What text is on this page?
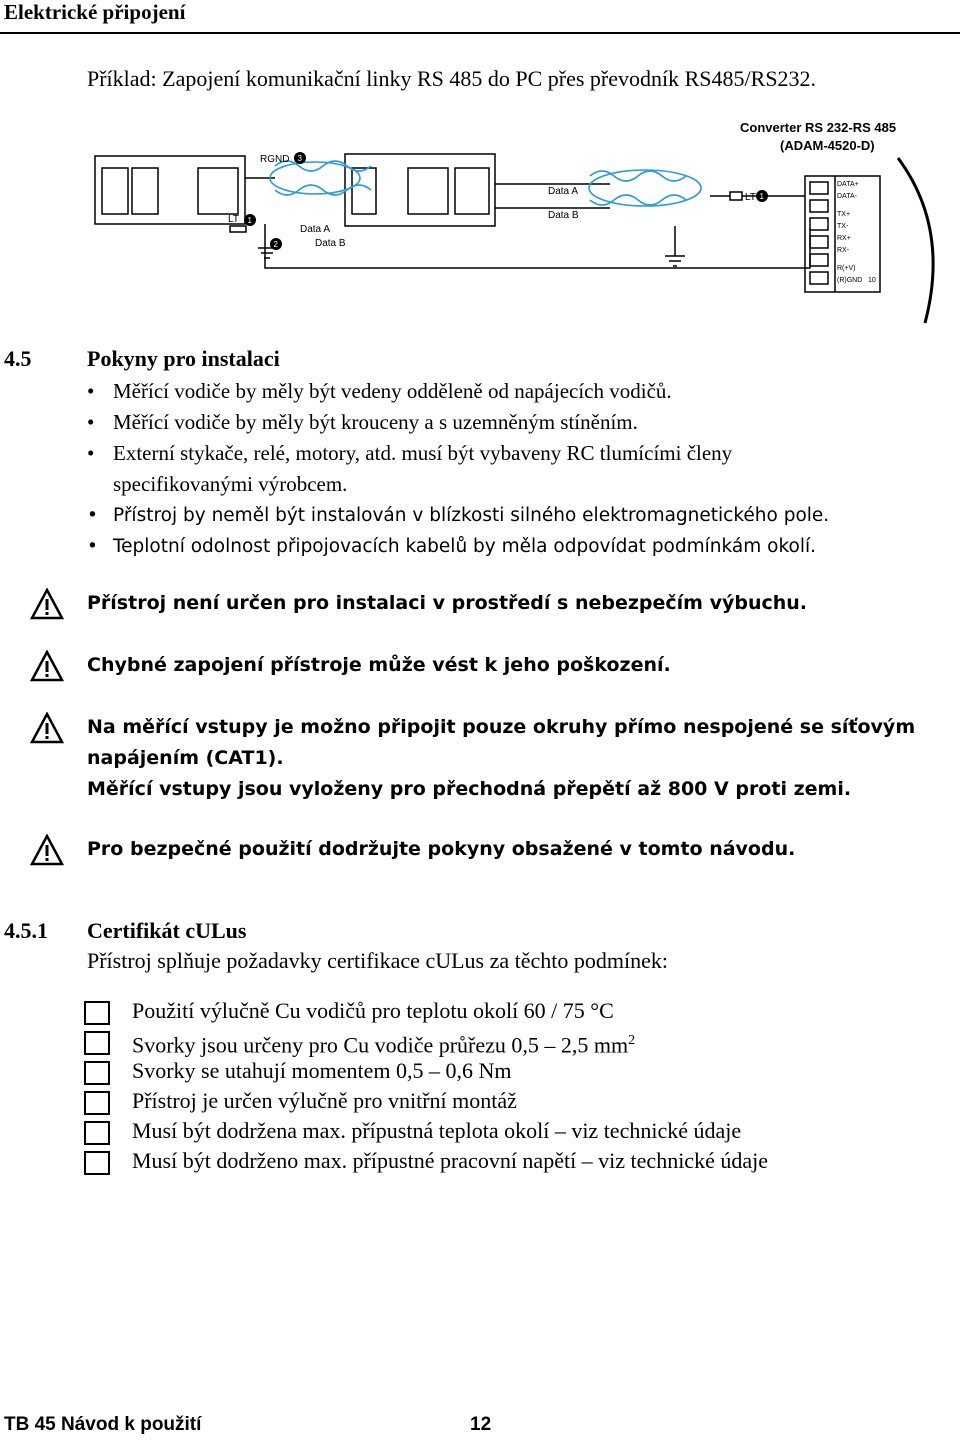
Elektrické připojení
Příklad: Zapojení komunikační linky RS 485 do PC přes převodník RS485/RS232.
Converter RS 232-RS 485
(ADAM-4520-D)
RGND
LT
LT
Data A
Data B
Data A
Data B
3
1
2
1
DATA+
DATA-
TX+
TX-
RX+
RX-
R(+V)
(R)GND 10
4.5	Pokyny pro instalaci
• Měřící vodiče by měly být vedeny odděleně od napájecích vodičů.
• Měřící vodiče by měly být krouceny a s uzemněným stíněním.
• Externí stykače, relé, motory, atd. musí být vybaveny RC tlumícími členy
specifikovanými výrobcem.
• Přístroj by neměl být instalován v blízkosti silného elektromagnetického pole.
• Teplotní odolnost připojovacích kabelů by měla odpovídat podmínkám okolí.
Přístroj není určen pro instalaci v prostředí s nebezpečím výbuchu.
Chybné zapojení přístroje může vést k jeho poškození.
Na měřící vstupy je možno připojit pouze okruhy přímo nespojené se síťovým
napájením (CAT1).
Měřící vstupy jsou vyloženy pro přechodná přepětí až 800 V proti zemi.
Pro bezpečné použití dodržujte pokyny obsažené v tomto návodu.
4.5.1 Certifikát cULus
Přístroj splňuje požadavky certifikace cULus za těchto podmínek:
Použití výlučně Cu vodičů pro teplotu okolí 60 / 75 °C
Svorky jsou určeny pro Cu vodiče průřezu 0,5 – 2,5 $mm^2$
Svorky se utahují momentem 0,5 – 0,6 Nm
Přístroj je určen výlučně pro vnitřní montáž
Musí být dodržena max. přípustná teplota okolí – viz technické údaje
Musí být dodrženo max. přípustné pracovní napětí – viz technické údaje
TB 45 Návod k použití	12
